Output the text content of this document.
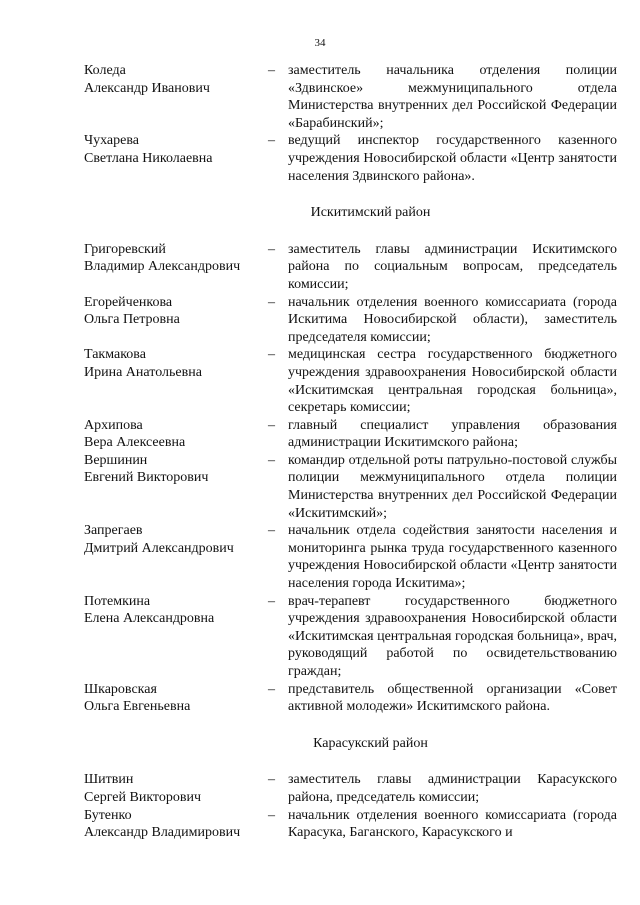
34
Коледа
Александр Иванович
– заместитель начальника отделения полиции «Здвинское» межмуниципального отдела Министерства внутренних дел Российской Федерации «Барабинский»;
Чухарева
Светлана Николаевна
– ведущий инспектор государственного казенного учреждения Новосибирской области «Центр занятости населения Здвинского района».
Искитимский район
Григоревский
Владимир Александрович
– заместитель главы администрации Искитимского района по социальным вопросам, председатель комиссии;
Егорейченкова
Ольга Петровна
– начальник отделения военного комиссариата (города Искитима Новосибирской области), заместитель председателя комиссии;
Такмакова
Ирина Анатольевна
– медицинская сестра государственного бюджетного учреждения здравоохранения Новосибирской области «Искитимская центральная городская больница», секретарь комиссии;
Архипова
Вера Алексеевна
– главный специалист управления образования администрации Искитимского района;
Вершинин
Евгений Викторович
– командир отдельной роты патрульно-постовой службы полиции межмуниципального отдела полиции Министерства внутренних дел Российской Федерации «Искитимский»;
Запрегаев
Дмитрий Александрович
– начальник отдела содействия занятости населения и мониторинга рынка труда государственного казенного учреждения Новосибирской области «Центр занятости населения города Искитима»;
Потемкина
Елена Александровна
– врач-терапевт государственного бюджетного учреждения здравоохранения Новосибирской области «Искитимская центральная городская больница», врач, руководящий работой по освидетельствованию граждан;
Шкаровская
Ольга Евгеньевна
– представитель общественной организации «Совет активной молодежи» Искитимского района.
Карасукский район
Шитвин
Сергей Викторович
– заместитель главы администрации Карасукского района, председатель комиссии;
Бутенко
Александр Владимирович
– начальник отделения военного комиссариата (города Карасука, Баганского, Карасукского и
